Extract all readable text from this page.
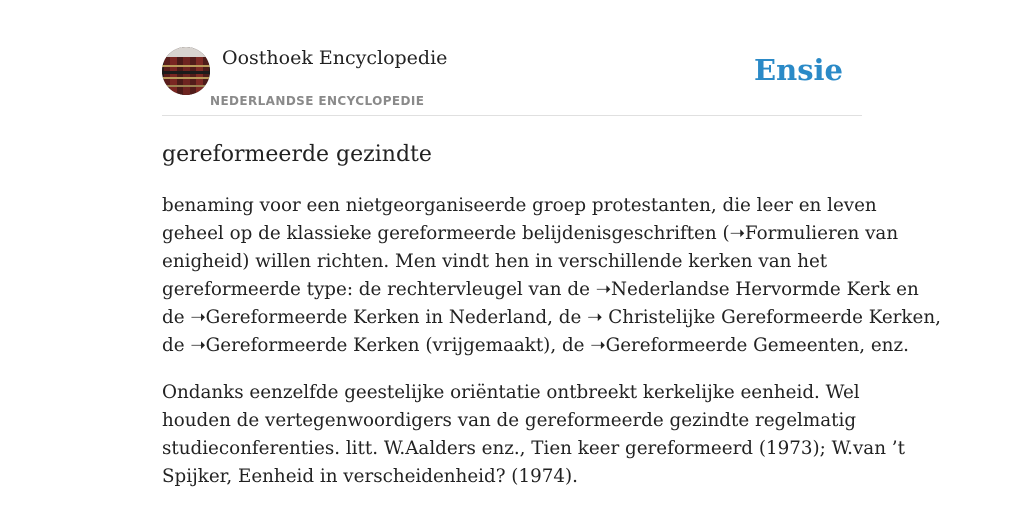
Oosthoek Encyclopedie
NEDERLANDSE ENCYCLOPEDIE
Ensie
gereformeerde gezindte

benaming voor een nietgeorganiseerde groep protestanten, die leer en leven
geheel op de klassieke gereformeerde belijdenisgeschriften (➝Formulieren van
enigheid) willen richten. Men vindt hen in verschillende kerken van het
gereformeerde type: de rechtervleugel van de ➝Nederlandse Hervormde Kerk en
de ➝Gereformeerde Kerken in Nederland, de ➝ Christelijke Gereformeerde Kerken,
de ➝Gereformeerde Kerken (vrijgemaakt), de ➝Gereformeerde Gemeenten, enz.

Ondanks eenzelfde geestelijke oriëntatie ontbreekt kerkelijke eenheid. Wel
houden de vertegenwoordigers van de gereformeerde gezindte regelmatig
studieconferenties. litt. W.Aalders enz., Tien keer gereformeerd (1973); W.van ’t
Spijker, Eenheid in verscheidenheid? (1974).
